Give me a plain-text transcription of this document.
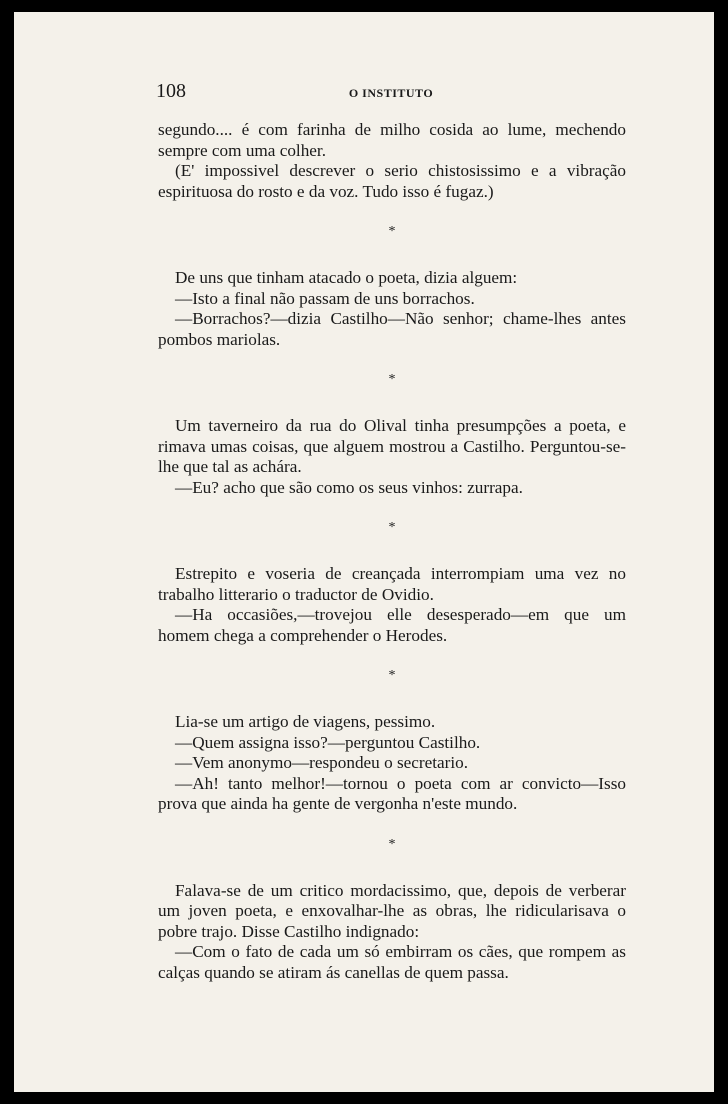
108	O INSTITUTO

segundo.... é com farinha de milho cosida ao lume, mechendo sempre com uma colher.

(E' impossivel descrever o serio chistosissimo e a vibração espirituosa do rosto e da voz. Tudo isso é fugaz.)

*

De uns que tinham atacado o poeta, dizia alguem:

—Isto a final não passam de uns borrachos.

—Borrachos?—dizia Castilho—Não senhor; chame-lhes antes pombos mariolas.

*

Um taverneiro da rua do Olival tinha presumpções a poeta, e rimava umas coisas, que alguem mostrou a Castilho. Perguntou-se-lhe que tal as achára.

—Eu? acho que são como os seus vinhos: zurrapa.

*

Estrepito e voseria de creançada interrompiam uma vez no trabalho litterario o traductor de Ovidio.

—Ha occasiões,—trovejou elle desesperado—em que um homem chega a comprehender o Herodes.

*

Lia-se um artigo de viagens, pessimo.

—Quem assigna isso?—perguntou Castilho.

—Vem anonymo—respondeu o secretario.

—Ah! tanto melhor!—tornou o poeta com ar convicto—Isso prova que ainda ha gente de vergonha n'este mundo.

*

Falava-se de um critico mordacissimo, que, depois de verberar um joven poeta, e enxovalhar-lhe as obras, lhe ridicularisava o pobre trajo. Disse Castilho indignado:

—Com o fato de cada um só embirram os cães, que rompem as calças quando se atiram ás canellas de quem passa.
